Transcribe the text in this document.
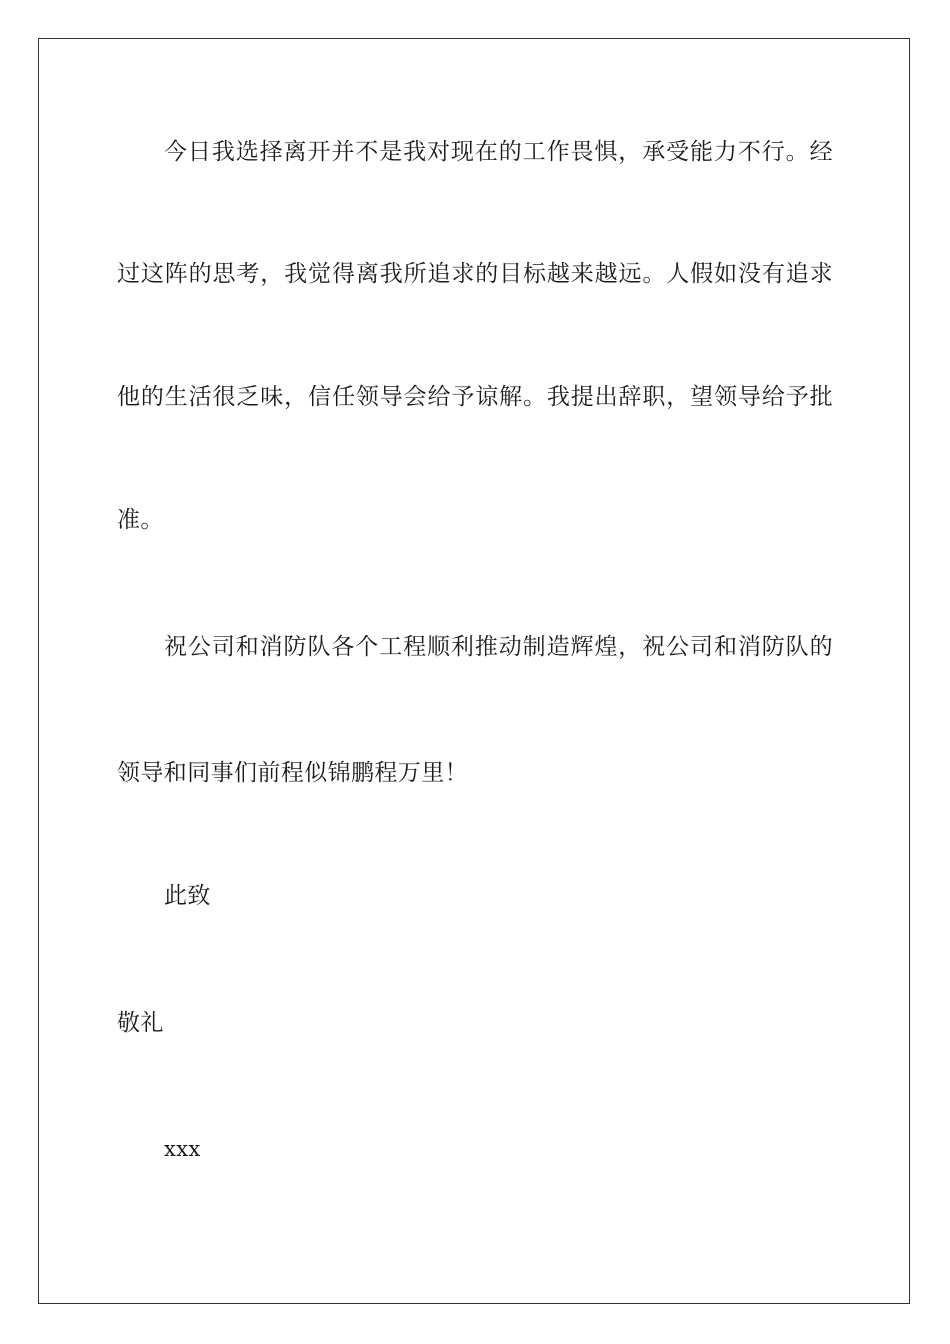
今日我选择离开并不是我对现在的工作畏惧，承受能力不行。经
过这阵的思考，我觉得离我所追求的目标越来越远。人假如没有追求
他的生活很乏味，信任领导会给予谅解。我提出辞职，望领导给予批
准。
祝公司和消防队各个工程顺利推动制造辉煌，祝公司和消防队的
领导和同事们前程似锦鹏程万里！
此致
敬礼
xxx
